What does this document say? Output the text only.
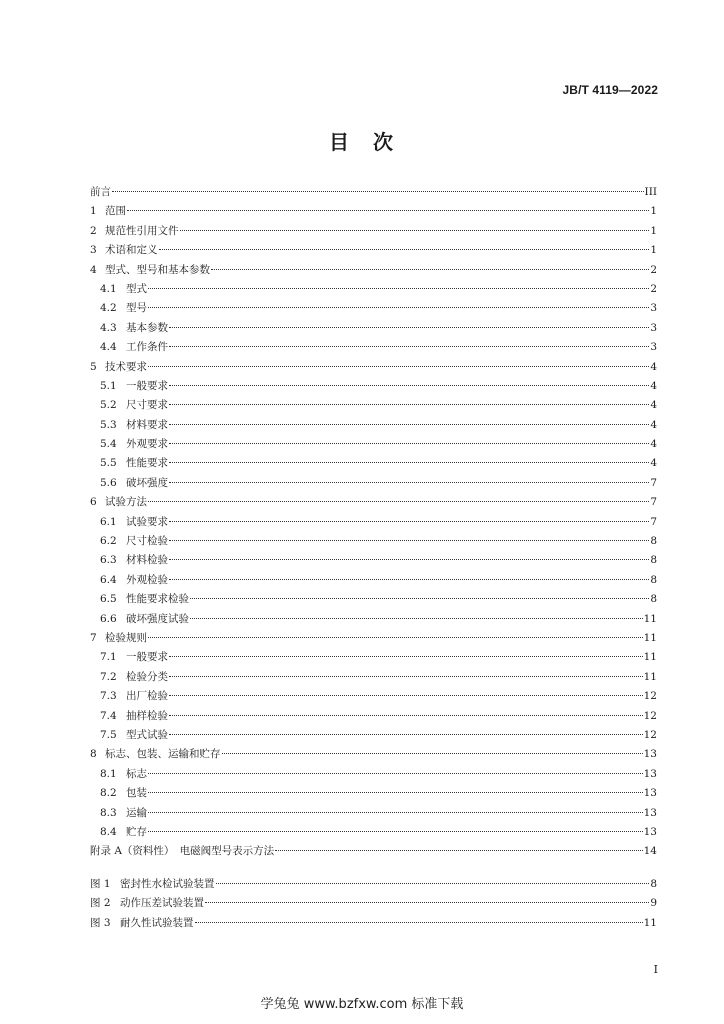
JB/T 4119—2022
目　次
前言	III
1 范围	1
2 规范性引用文件	1
3 术语和定义	1
4 型式、型号和基本参数	2
4.1 型式	2
4.2 型号	3
4.3 基本参数	3
4.4 工作条件	3
5 技术要求	4
5.1 一般要求	4
5.2 尺寸要求	4
5.3 材料要求	4
5.4 外观要求	4
5.5 性能要求	4
5.6 破坏强度	7
6 试验方法	7
6.1 试验要求	7
6.2 尺寸检验	8
6.3 材料检验	8
6.4 外观检验	8
6.5 性能要求检验	8
6.6 破坏强度试验	11
7 检验规则	11
7.1 一般要求	11
7.2 检验分类	11
7.3 出厂检验	12
7.4 抽样检验	12
7.5 型式试验	12
8 标志、包装、运输和贮存	13
8.1 标志	13
8.2 包装	13
8.3 运输	13
8.4 贮存	13
附录 A（资料性）　电磁阀型号表示方法	14
图 1 密封性水检试验装置	8
图 2 动作压差试验装置	9
图 3 耐久性试验装置	11
I
学兔兔 www.bzfxw.com 标准下载
